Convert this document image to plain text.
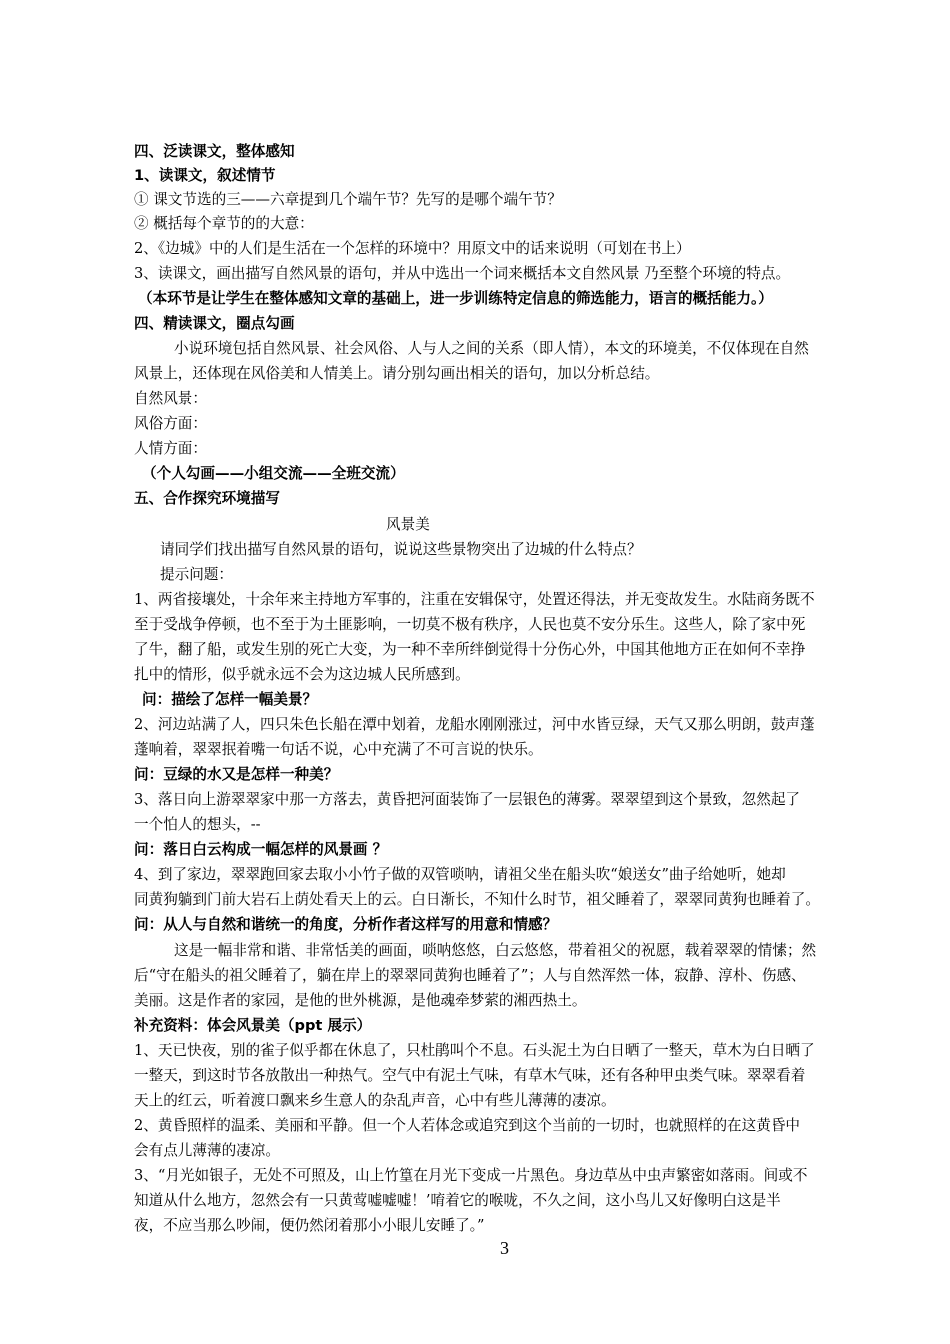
四、泛读课文，整体感知
1、读课文，叙述情节
① 课文节选的三——六章提到几个端午节？先写的是哪个端午节？
② 概括每个章节的的大意：
2、《边城》中的人们是生活在一个怎样的环境中？用原文中的话来说明（可划在书上）
3、读课文，画出描写自然风景的语句，并从中选出一个词来概括本文自然风景 乃至整个环境的特点。
（本环节是让学生在整体感知文章的基础上，进一步训练特定信息的筛选能力，语言的概括能力。）
四、精读课文，圈点勾画
小说环境包括自然风景、社会风俗、人与人之间的关系（即人情），本文的环境美，不仅体现在自然
风景上，还体现在风俗美和人情美上。请分别勾画出相关的语句，加以分析总结。
自然风景：
风俗方面：
人情方面：
（个人勾画——小组交流——全班交流）
五、合作探究环境描写
风景美
请同学们找出描写自然风景的语句，说说这些景物突出了边城的什么特点？
提示问题：
1、两省接壤处，十余年来主持地方军事的，注重在安辑保守，处置还得法，并无变故发生。水陆商务既不
至于受战争停顿，也不至于为土匪影响，一切莫不极有秩序，人民也莫不安分乐生。这些人，除了家中死
了牛，翻了船，或发生别的死亡大变，为一种不幸所绊倒觉得十分伤心外，中国其他地方正在如何不幸挣
扎中的情形，似乎就永远不会为这边城人民所感到。
问：描绘了怎样一幅美景？
2、河边站满了人，四只朱色长船在潭中划着，龙船水刚刚涨过，河中水皆豆绿，天气又那么明朗，鼓声蓬
蓬响着，翠翠抿着嘴一句话不说，心中充满了不可言说的快乐。
问：豆绿的水又是怎样一种美？
3、落日向上游翠翠家中那一方落去，黄昏把河面装饰了一层银色的薄雾。翠翠望到这个景致，忽然起了
一个怕人的想头，--
问：落日白云构成一幅怎样的风景画 ？
4、到了家边，翠翠跑回家去取小小竹子做的双管唢呐，请祖父坐在船头吹“娘送女”曲子给她听，她却
同黄狗躺到门前大岩石上荫处看天上的云。白日渐长，不知什么时节，祖父睡着了，翠翠同黄狗也睡着了。
问：从人与自然和谐统一的角度，分析作者这样写的用意和情感？
这是一幅非常和谐、非常恬美的画面，唢呐悠悠，白云悠悠，带着祖父的祝愿，载着翠翠的情愫；然
后“守在船头的祖父睡着了，躺在岸上的翠翠同黄狗也睡着了”；人与自然浑然一体，寂静、淳朴、伤感、
美丽。这是作者的家园，是他的世外桃源，是他魂牵梦萦的湘西热土。
补充资料：体会风景美（ppt 展示）
1、天已快夜，别的雀子似乎都在休息了，只杜鹃叫个不息。石头泥土为白日晒了一整天，草木为白日晒了
一整天，到这时节各放散出一种热气。空气中有泥土气味，有草木气味，还有各种甲虫类气味。翠翠看着
天上的红云，听着渡口飘来乡生意人的杂乱声音，心中有些儿薄薄的凄凉。
2、黄昏照样的温柔、美丽和平静。但一个人若体念或追究到这个当前的一切时，也就照样的在这黄昏中
会有点儿薄薄的凄凉。
3、“月光如银子，无处不可照及，山上竹篁在月光下变成一片黑色。身边草丛中虫声繁密如落雨。间或不
知道从什么地方，忽然会有一只黄莺嘘嘘嘘！’唷着它的喉咙，不久之间，这小鸟儿又好像明白这是半
夜，不应当那么吵闹，便仍然闭着那小小眼儿安睡了。”
3
